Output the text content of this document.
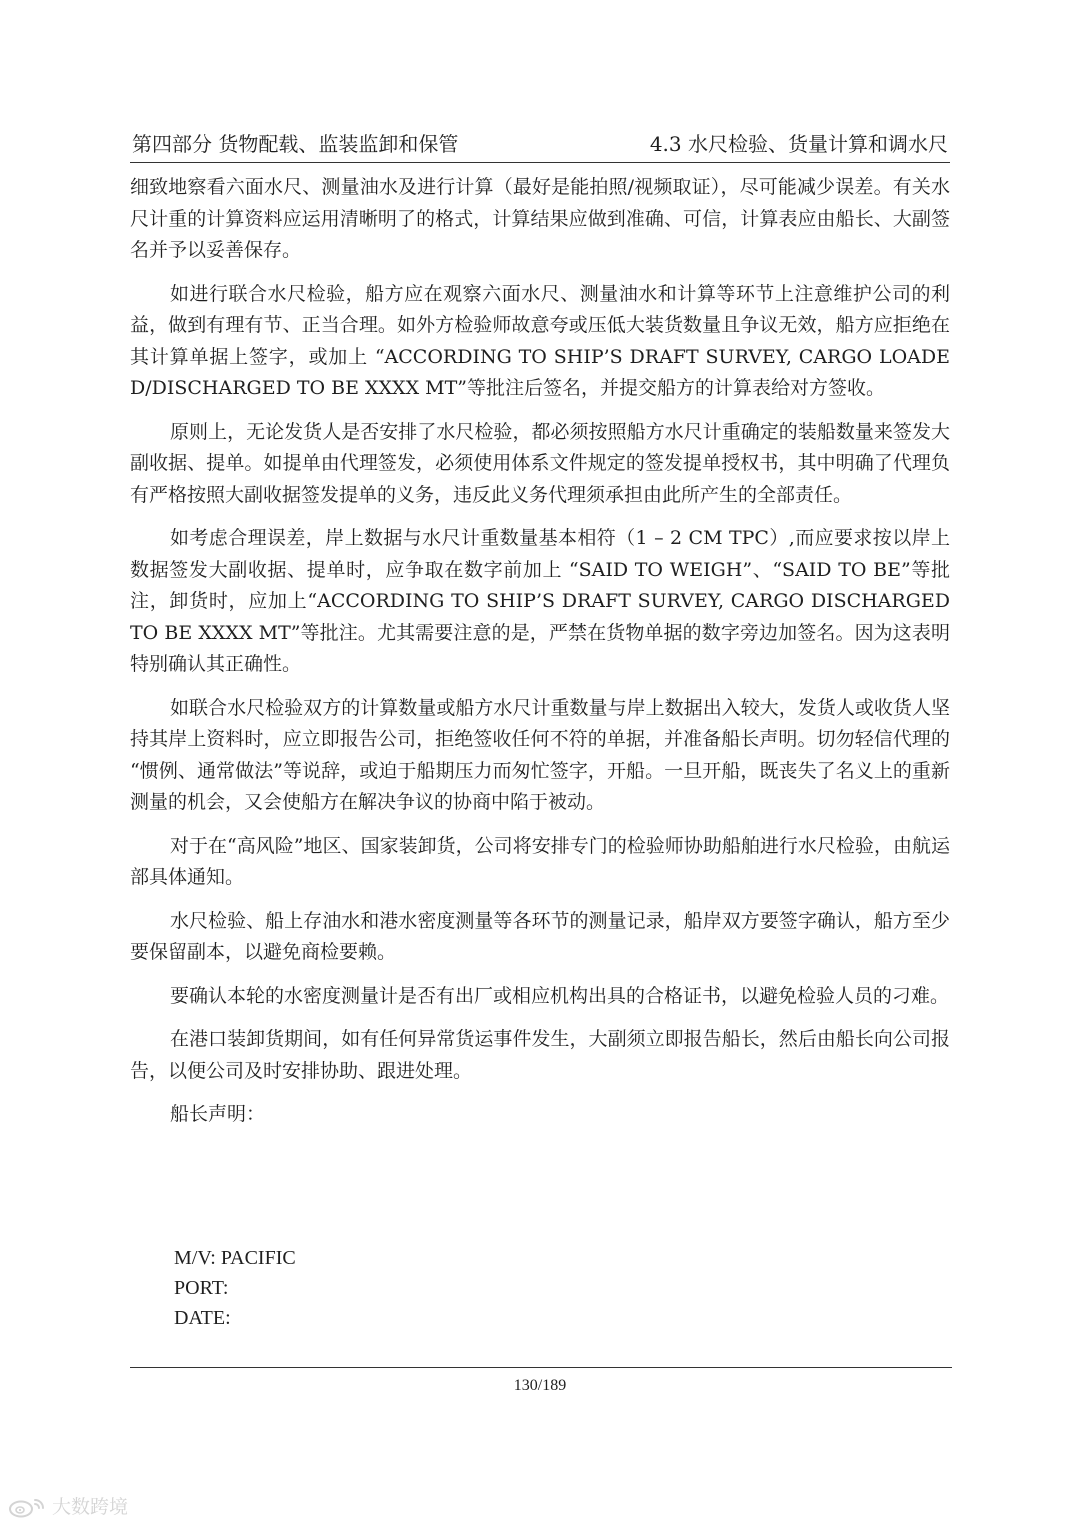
第四部分 货物配载、监装监卸和保管	4.3 水尺检验、货量计算和调水尺

细致地察看六面水尺、测量油水及进行计算（最好是能拍照/视频取证），尽可能减少误差。有关水尺计重的计算资料应运用清晰明了的格式，计算结果应做到准确、可信，计算表应由船长、大副签名并予以妥善保存。

如进行联合水尺检验，船方应在观察六面水尺、测量油水和计算等环节上注意维护公司的利益，做到有理有节、正当合理。如外方检验师故意夸或压低大装货数量且争议无效，船方应拒绝在其计算单据上签字，或加上 “ACCORDING TO SHIP’S DRAFT SURVEY, CARGO LOADED/DISCHARGED TO BE XXXX MT”等批注后签名，并提交船方的计算表给对方签收。

原则上，无论发货人是否安排了水尺检验，都必须按照船方水尺计重确定的装船数量来签发大副收据、提单。如提单由代理签发，必须使用体系文件规定的签发提单授权书，其中明确了代理负有严格按照大副收据签发提单的义务，违反此义务代理须承担由此所产生的全部责任。

如考虑合理误差，岸上数据与水尺计重数量基本相符（1 – 2 CM TPC）,而应要求按以岸上数据签发大副收据、提单时，应争取在数字前加上 “SAID TO WEIGH”、“SAID TO BE”等批注，卸货时，应加上“ACCORDING TO SHIP’S DRAFT SURVEY, CARGO DISCHARGED TO BE XXXX MT”等批注。尤其需要注意的是，严禁在货物单据的数字旁边加签名。因为这表明特别确认其正确性。

如联合水尺检验双方的计算数量或船方水尺计重数量与岸上数据出入较大，发货人或收货人坚持其岸上资料时，应立即报告公司，拒绝签收任何不符的单据，并准备船长声明。切勿轻信代理的 “惯例、通常做法”等说辞，或迫于船期压力而匆忙签字，开船。一旦开船，既丧失了名义上的重新测量的机会，又会使船方在解决争议的协商中陷于被动。

对于在“高风险”地区、国家装卸货，公司将安排专门的检验师协助船舶进行水尺检验，由航运部具体通知。

水尺检验、船上存油水和港水密度测量等各环节的测量记录，船岸双方要签字确认，船方至少要保留副本，以避免商检要赖。

要确认本轮的水密度测量计是否有出厂或相应机构出具的合格证书，以避免检验人员的刁难。

在港口装卸货期间，如有任何异常货运事件发生，大副须立即报告船长，然后由船长向公司报告，以便公司及时安排协助、跟进处理。

船长声明：

M/V: PACIFIC
PORT:
DATE:
130/189
大数跨境
